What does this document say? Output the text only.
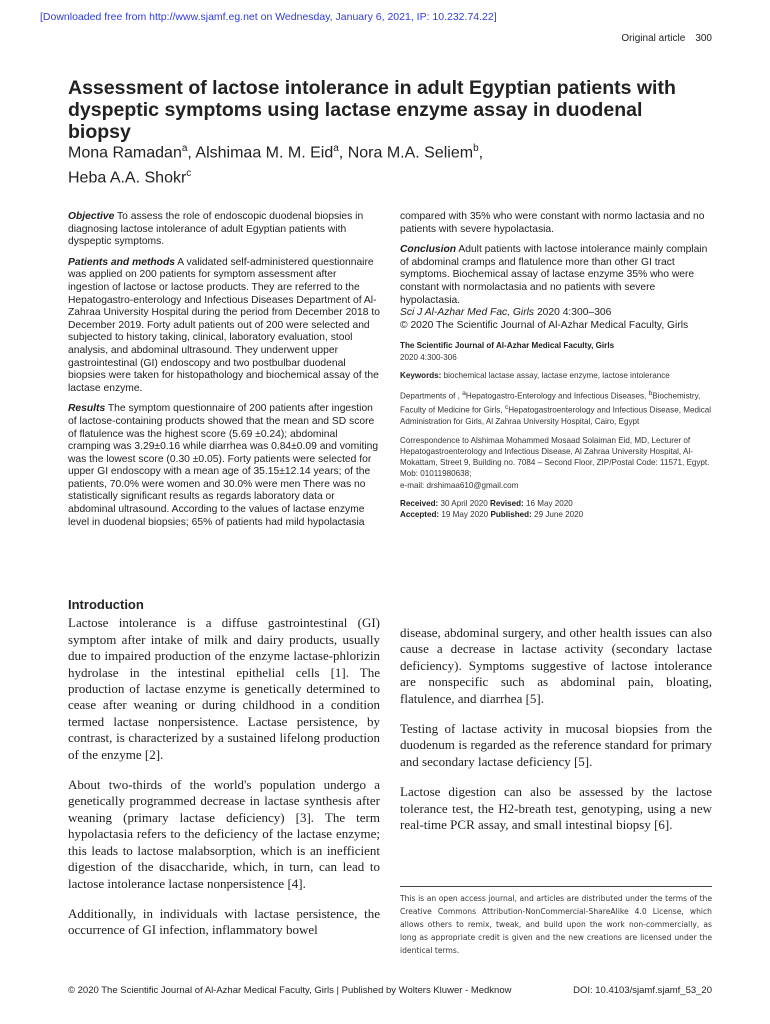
[Downloaded free from http://www.sjamf.eg.net on Wednesday, January 6, 2021, IP: 10.232.74.22]
Original article 300
Assessment of lactose intolerance in adult Egyptian patients with dyspeptic symptoms using lactase enzyme assay in duodenal biopsy
Mona Ramadan$^a$, Alshimaa M. M. Eid$^a$, Nora M.A. Seliem$^b$,
Heba A.A. Shokr$^c$

Objective To assess the role of endoscopic duodenal biopsies in diagnosing lactose intolerance of adult Egyptian patients with dyspeptic symptoms.

Patients and methods A validated self-administered questionnaire was applied on 200 patients for symptom assessment after ingestion of lactose or lactose products. They are referred to the Hepatogastro-enterology and Infectious Diseases Department of Al-Zahraa University Hospital during the period from December 2018 to December 2019. Forty adult patients out of 200 were selected and subjected to history taking, clinical, laboratory evaluation, stool analysis, and abdominal ultrasound. They underwent upper gastrointestinal (GI) endoscopy and two postbulbar duodenal biopsies were taken for histopathology and biochemical assay of the lactase enzyme.

Results The symptom questionnaire of 200 patients after ingestion of lactose-containing products showed that the mean and SD score of flatulence was the highest score (5.69 ±0.24); abdominal cramping was 3.29±0.16 while diarrhea was 0.84±0.09 and vomiting was the lowest score (0.30 ±0.05). Forty patients were selected for upper GI endoscopy with a mean age of 35.15±12.14 years; of the patients, 70.0% were women and 30.0% were men There was no statistically significant results as regards laboratory data or abdominal ultrasound. According to the values of lactase enzyme level in duodenal biopsies; 65% of patients had mild hypolactasia

compared with 35% who were constant with normo lactasia and no patients with severe hypolactasia.

Conclusion Adult patients with lactose intolerance mainly complain of abdominal cramps and flatulence more than other GI tract symptoms. Biochemical assay of lactase enzyme 35% who were constant with normolactasia and no patients with severe hypolactasia.

Sci J Al-Azhar Med Fac, Girls 2020 4:300–306
© 2020 The Scientific Journal of Al-Azhar Medical Faculty, Girls

The Scientific Journal of Al-Azhar Medical Faculty, Girls
2020 4:300-306

Keywords: biochemical lactase assay, lactase enzyme, lactose intolerance

Departments of , $^a$Hepatogastro-Enterology and Infectious Diseases, $^b$Biochemistry, Faculty of Medicine for Girls, $^c$Hepatogastroenterology and Infectious Disease, Medical Administration for Girls, Al Zahraa University Hospital, Cairo, Egypt

Correspondence to Alshimaa Mohammed Mosaad Solaiman Eid, MD, Lecturer of Hepatogastroenterology and Infectious Disease, Al Zahraa University Hospital, Al- Mokattam, Street 9, Building no. 7084 – Second Floor, ZIP/Postal Code: 11571, Egypt. Mob: 01011980638;
e-mail: drshimaa610@gmail.com

Received: 30 April 2020 Revised: 16 May 2020
Accepted: 19 May 2020 Published: 29 June 2020

Introduction

Lactose intolerance is a diffuse gastrointestinal (GI) symptom after intake of milk and dairy products, usually due to impaired production of the enzyme lactase-phlorizin hydrolase in the intestinal epithelial cells [1]. The production of lactase enzyme is genetically determined to cease after weaning or during childhood in a condition termed lactase nonpersistence. Lactase persistence, by contrast, is characterized by a sustained lifelong production of the enzyme [2].

About two-thirds of the world's population undergo a genetically programmed decrease in lactase synthesis after weaning (primary lactase deficiency) [3]. The term hypolactasia refers to the deficiency of the lactase enzyme; this leads to lactose malabsorption, which is an inefficient digestion of the disaccharide, which, in turn, can lead to lactose intolerance lactase nonpersistence [4].

Additionally, in individuals with lactase persistence, the occurrence of GI infection, inflammatory bowel

disease, abdominal surgery, and other health issues can also cause a decrease in lactase activity (secondary lactase deficiency). Symptoms suggestive of lactose intolerance are nonspecific such as abdominal pain, bloating, flatulence, and diarrhea [5].

Testing of lactase activity in mucosal biopsies from the duodenum is regarded as the reference standard for primary and secondary lactase deficiency [5].

Lactose digestion can also be assessed by the lactose tolerance test, the H2-breath test, genotyping, using a new real-time PCR assay, and small intestinal biopsy [6].

This is an open access journal, and articles are distributed under the terms of the Creative Commons Attribution-NonCommercial-ShareAlike 4.0 License, which allows others to remix, tweak, and build upon the work non-commercially, as long as appropriate credit is given and the new creations are licensed under the identical terms.
© 2020 The Scientific Journal of Al-Azhar Medical Faculty, Girls | Published by Wolters Kluwer - Medknow	DOI: 10.4103/sjamf.sjamf_53_20
